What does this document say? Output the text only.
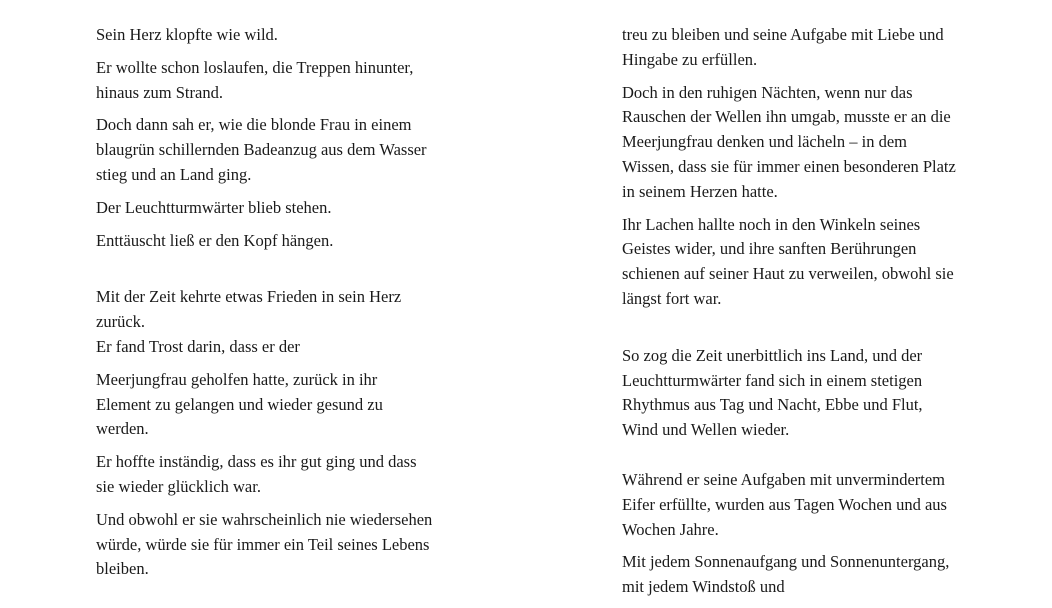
Sein Herz klopfte wie wild.

Er wollte schon loslaufen, die Treppen hinunter, hinaus zum Strand.

Doch dann sah er, wie die blonde Frau in einem blaugrün schillernden Badeanzug aus dem Wasser stieg und an Land ging.

Der Leuchtturmwärter blieb stehen.

Enttäuscht ließ er den Kopf hängen.

Mit der Zeit kehrte etwas Frieden in sein Herz zurück.

Er fand Trost darin, dass er der

Meerjungfrau geholfen hatte, zurück in ihr Element zu gelangen und wieder gesund zu werden.

Er hoffte inständig, dass es ihr gut ging und dass sie wieder glücklich war.

Und obwohl er sie wahrscheinlich nie wiedersehen würde, würde sie für immer ein Teil seines Lebens bleiben.

treu zu bleiben und seine Aufgabe mit Liebe und Hingabe zu erfüllen.

Doch in den ruhigen Nächten, wenn nur das Rauschen der Wellen ihn umgab, musste er an die Meerjungfrau denken und lächeln – in dem Wissen, dass sie für immer einen besonderen Platz in seinem Herzen hatte.

Ihr Lachen hallte noch in den Winkeln seines Geistes wider, und ihre sanften Berührungen schienen auf seiner Haut zu verweilen, obwohl sie längst fort war.

So zog die Zeit unerbittlich ins Land, und der Leuchtturmwärter fand sich in einem stetigen Rhythmus aus Tag und Nacht, Ebbe und Flut, Wind und Wellen wieder.

Während er seine Aufgaben mit unvermindertem Eifer erfüllte, wurden aus Tagen Wochen und aus Wochen Jahre.

Mit jedem Sonnenaufgang und Sonnenuntergang, mit jedem Windstoß und
